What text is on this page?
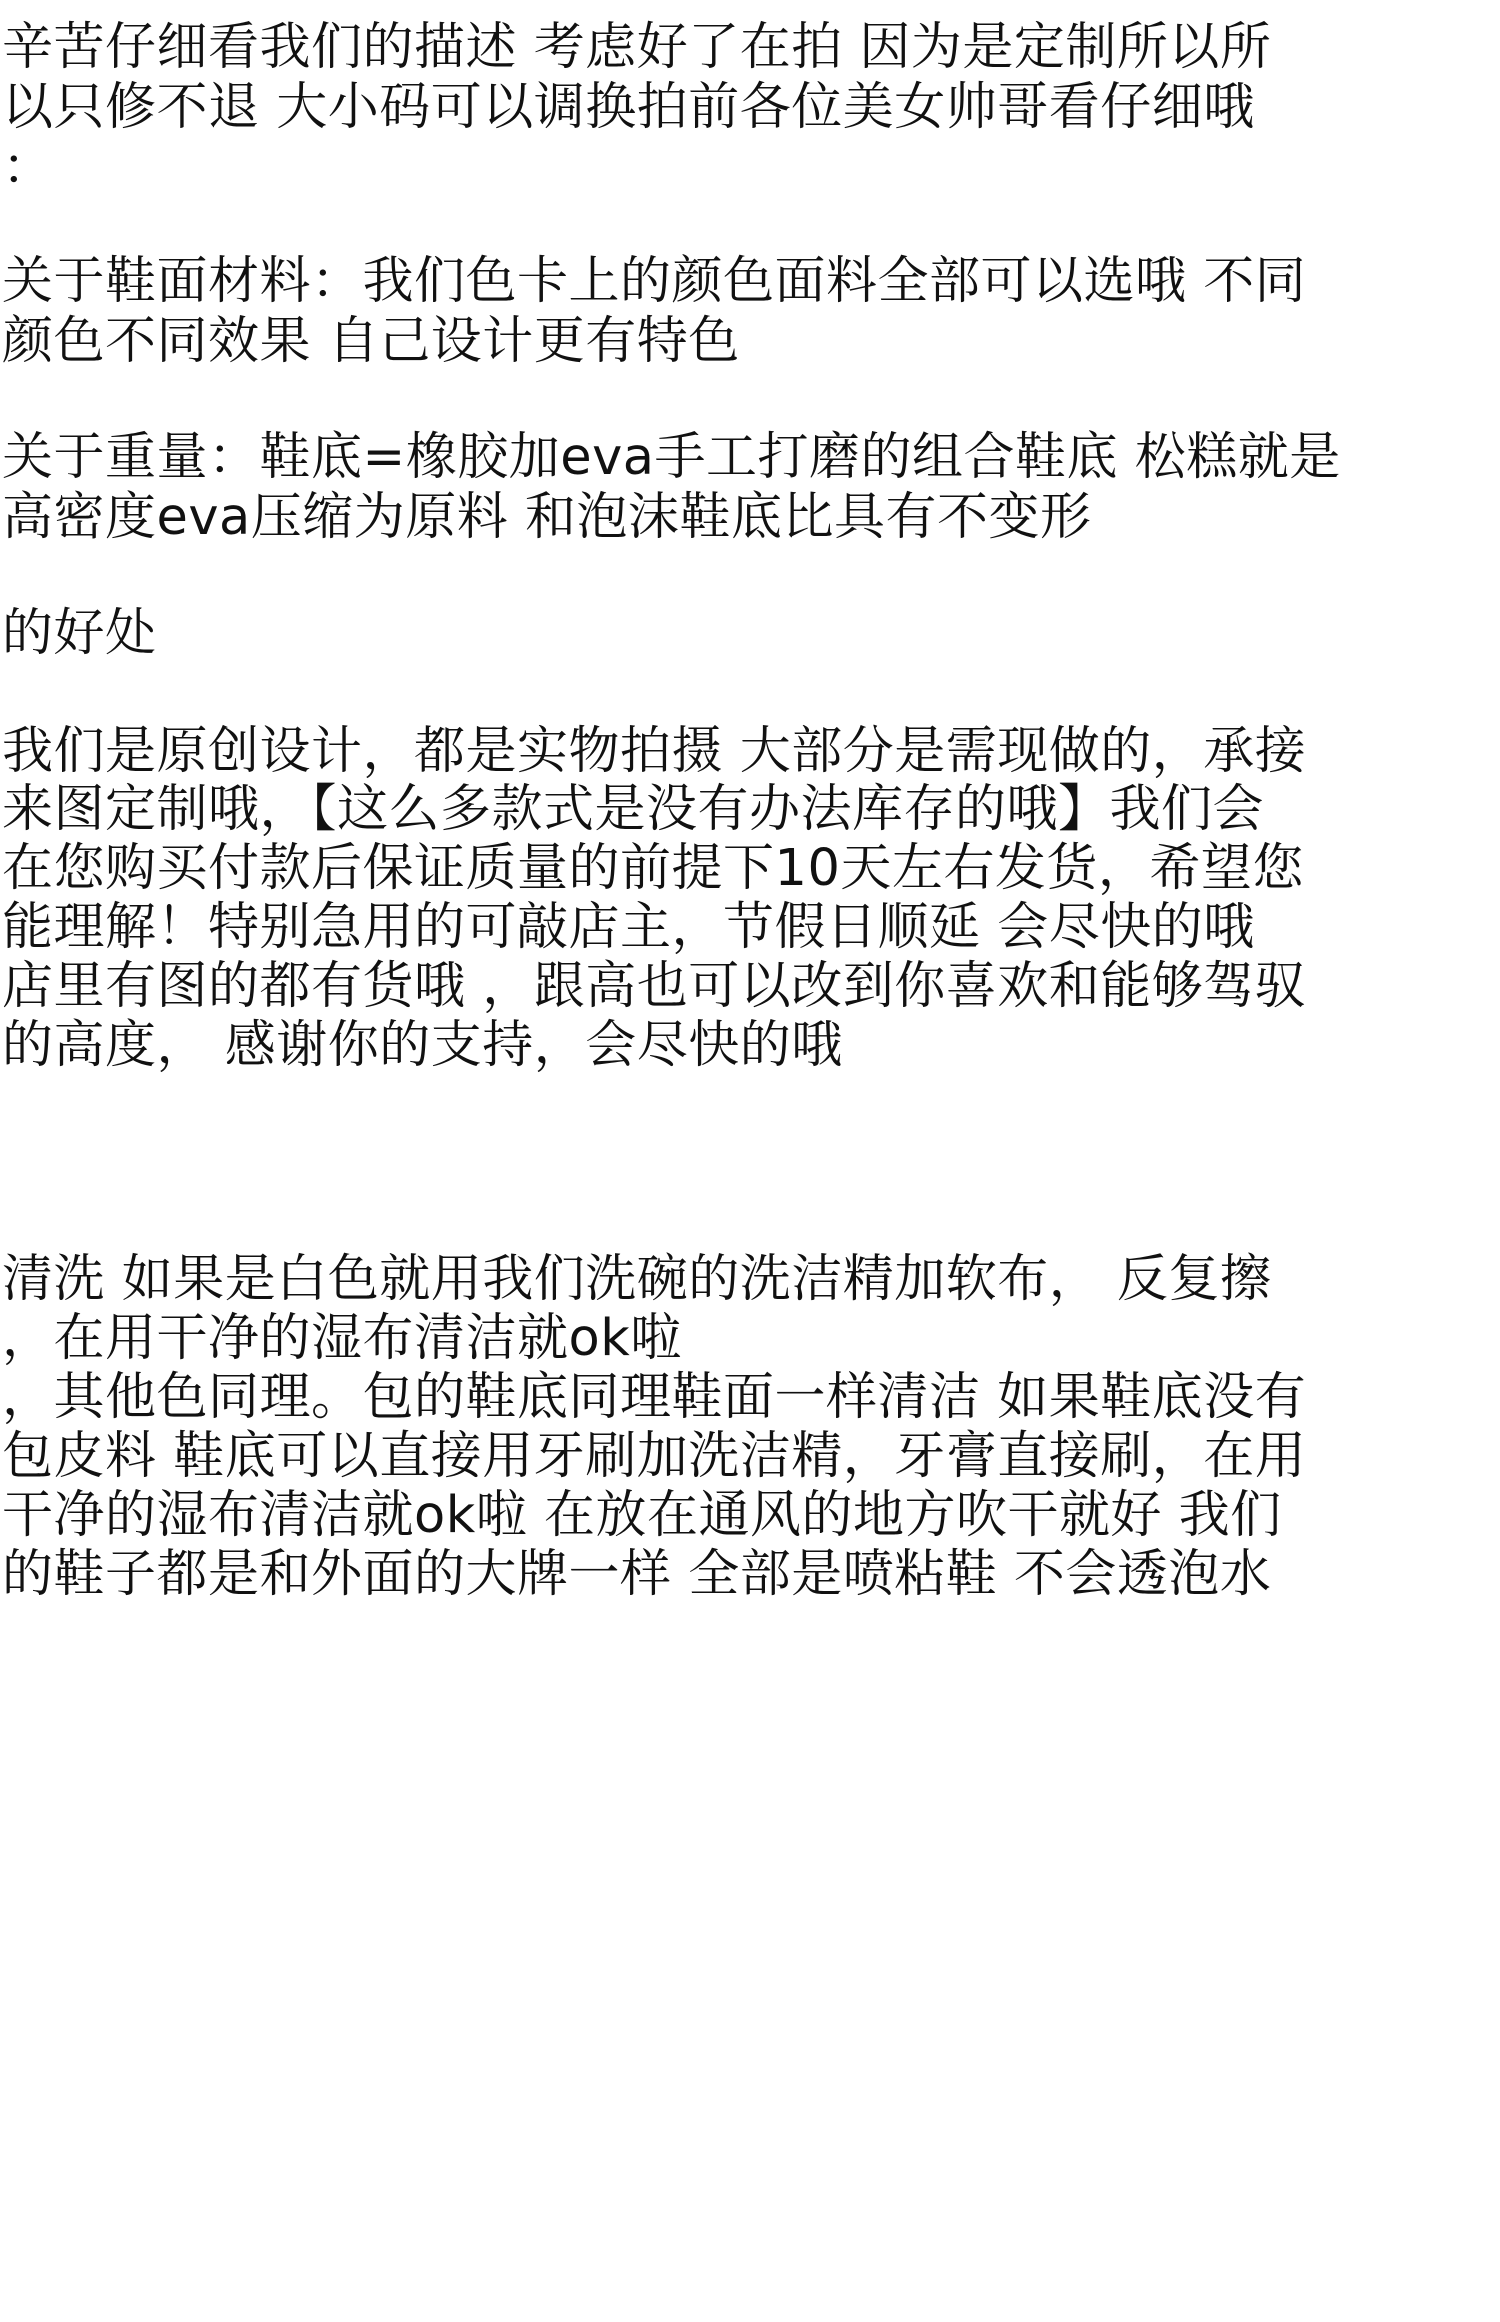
辛苦仔细看我们的描述 考虑好了在拍 因为是定制所以所
以只修不退 大小码可以调换拍前各位美女帅哥看仔细哦
：
关于鞋面材料：我们色卡上的颜色面料全部可以选哦 不同
颜色不同效果 自己设计更有特色
关于重量：鞋底=橡胶加eva手工打磨的组合鞋底 松糕就是
高密度eva压缩为原料 和泡沫鞋底比具有不变形
的好处
我们是原创设计，都是实物拍摄 大部分是需现做的，承接
来图定制哦，【这么多款式是没有办法库存的哦】我们会
在您购买付款后保证质量的前提下10天左右发货，希望您
能理解！特别急用的可敲店主，节假日顺延 会尽快的哦
店里有图的都有货哦 ，跟高也可以改到你喜欢和能够驾驭
的高度， 感谢你的支持，会尽快的哦
清洗 如果是白色就用我们洗碗的洗洁精加软布， 反复擦
，在用干净的湿布清洁就ok啦
，其他色同理。包的鞋底同理鞋面一样清洁 如果鞋底没有
包皮料 鞋底可以直接用牙刷加洗洁精，牙膏直接刷，在用
干净的湿布清洁就ok啦 在放在通风的地方吹干就好 我们
的鞋子都是和外面的大牌一样 全部是喷粘鞋 不会透泡水
